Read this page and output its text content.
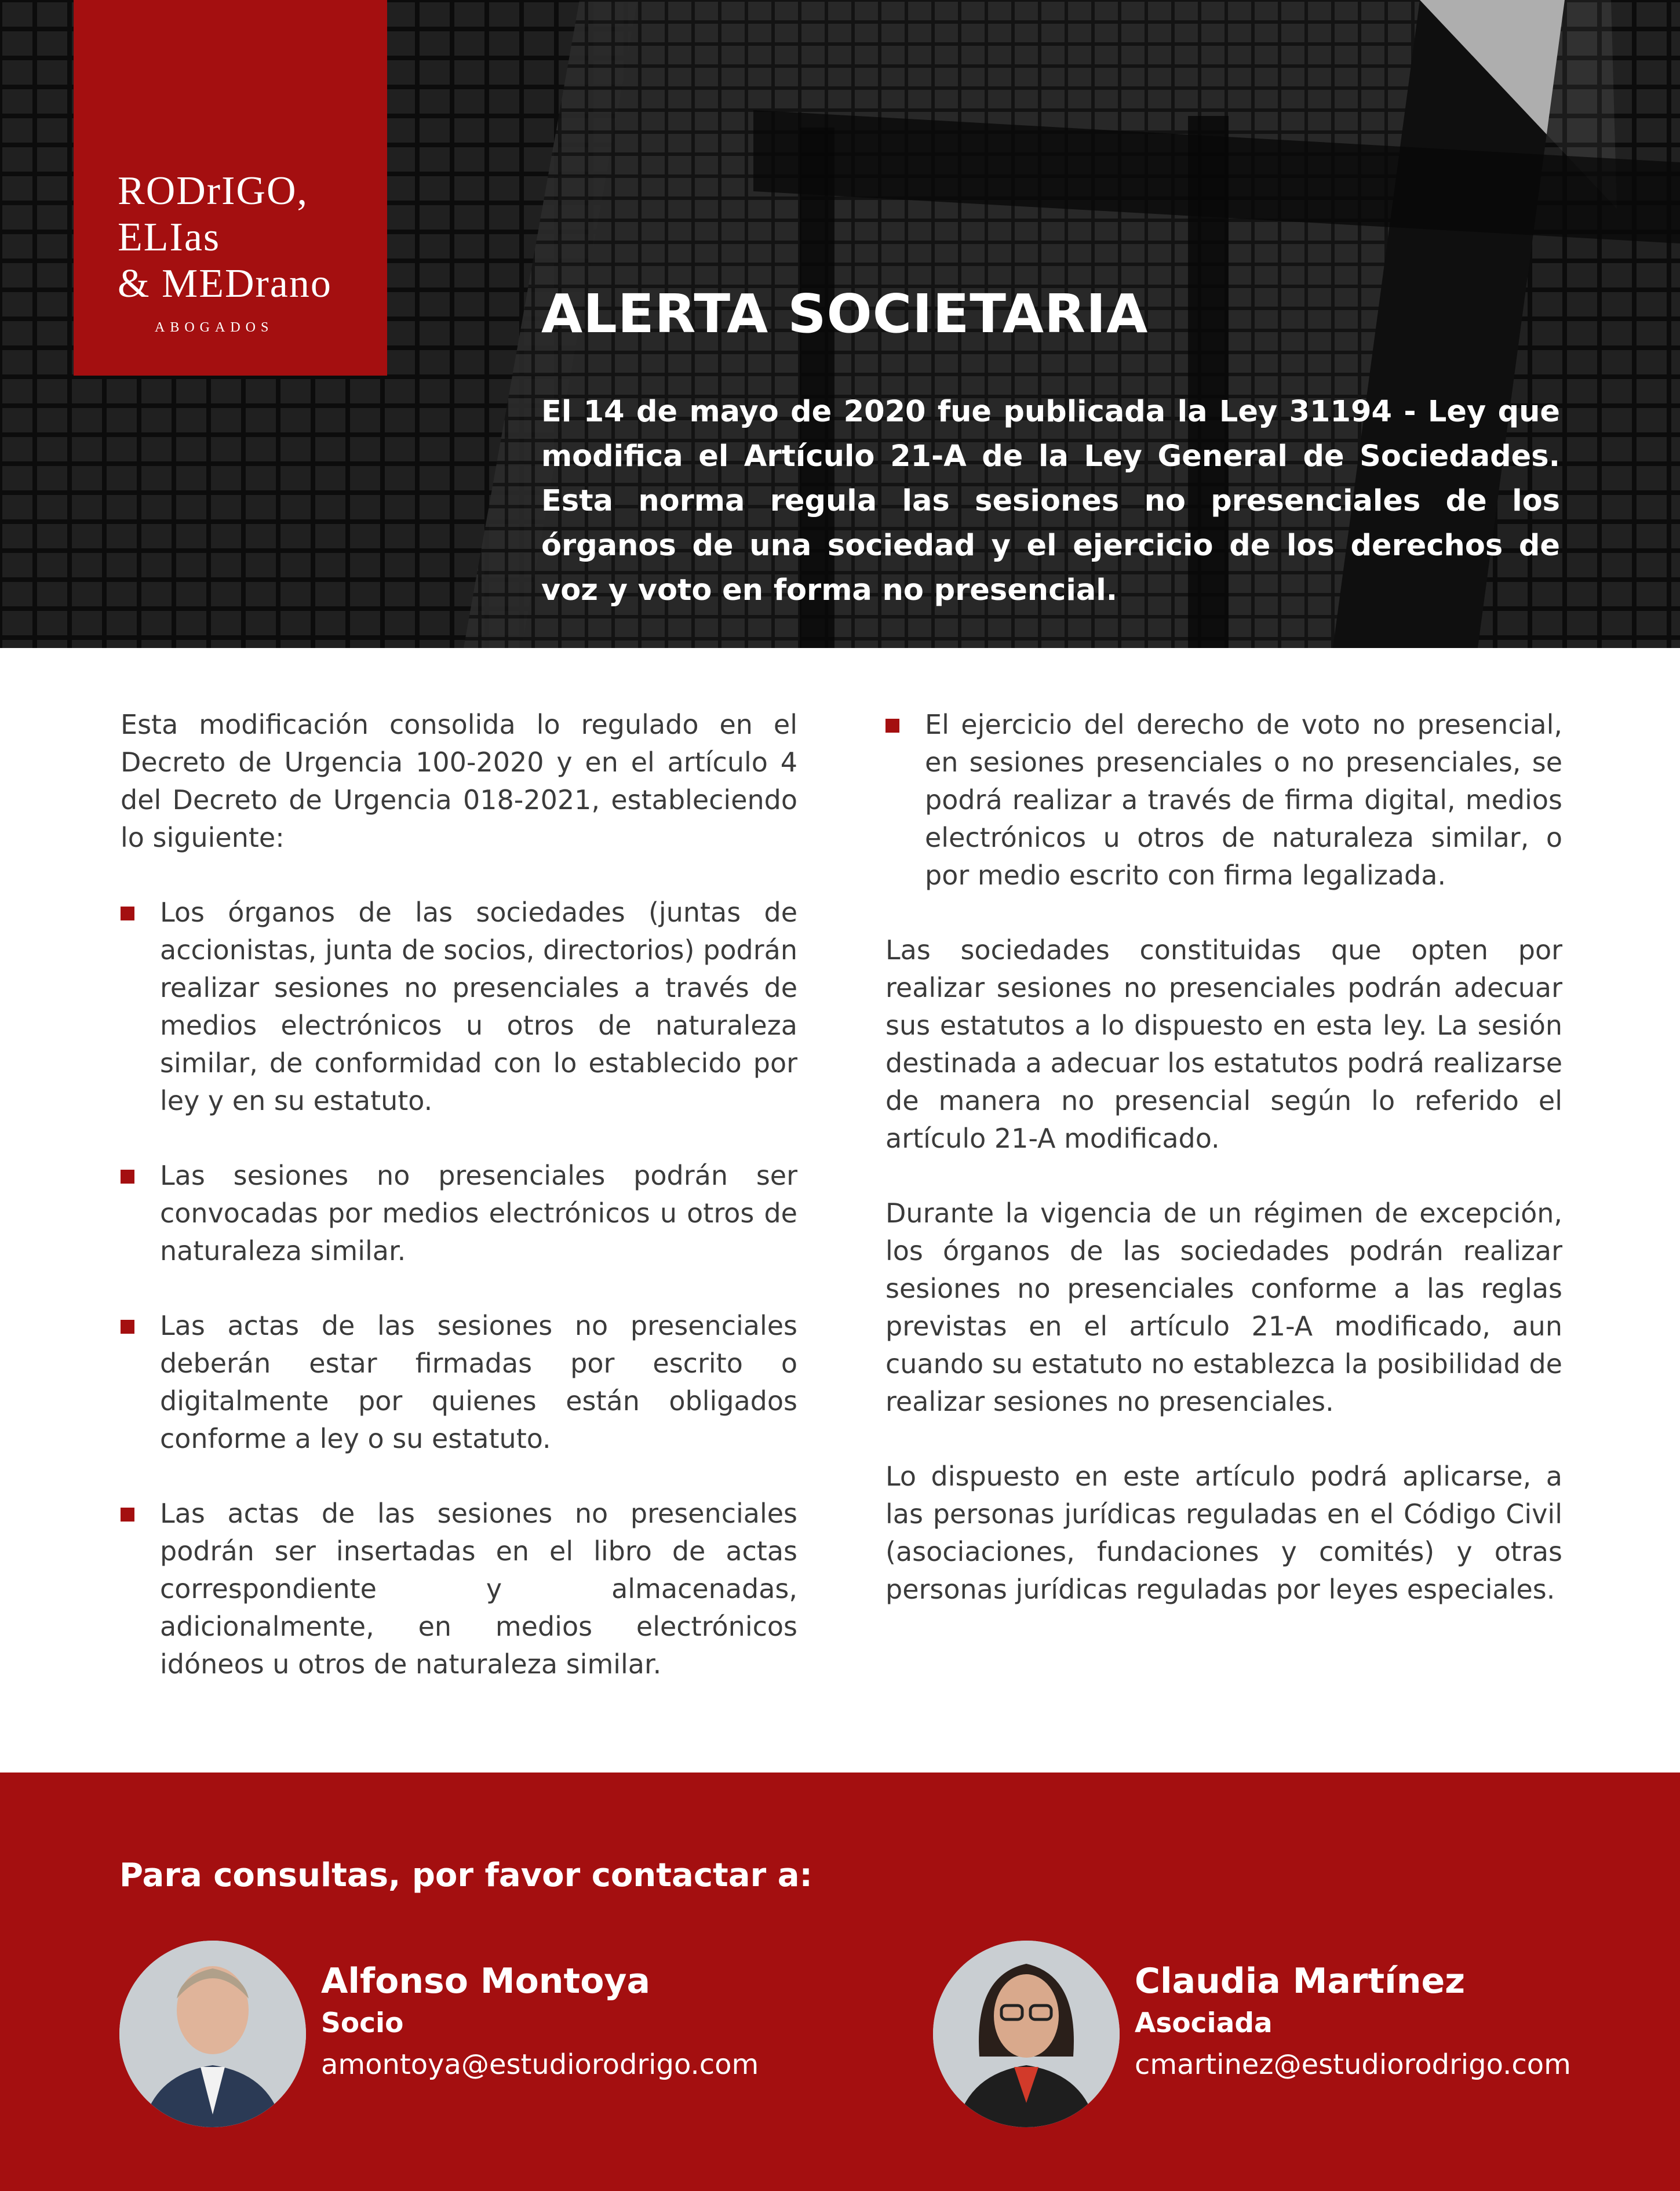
RODrIGO,
ELIas
& MEDrano
ABOGADOS	ALERTA SOCIETARIA

El 14 de mayo de 2020 fue publicada la Ley 31194 - Ley que modifica el Artículo 21-A de la Ley General de Sociedades. Esta norma regula las sesiones no presenciales de los órganos de una sociedad y el ejercicio de los derechos de voz y voto en forma no presencial.

Esta modificación consolida lo regulado en el Decreto de Urgencia 100-2020 y en el artículo 4 del Decreto de Urgencia 018-2021, estableciendo lo siguiente:

Los órganos de las sociedades (juntas de accionistas, junta de socios, directorios) podrán realizar sesiones no presenciales a través de medios electrónicos u otros de naturaleza similar, de conformidad con lo establecido por ley y en su estatuto.
Las sesiones no presenciales podrán ser convocadas por medios electrónicos u otros de naturaleza similar.
Las actas de las sesiones no presenciales deberán estar firmadas por escrito o digitalmente por quienes están obligados conforme a ley o su estatuto.
Las actas de las sesiones no presenciales podrán ser insertadas en el libro de actas correspondiente y almacenadas, adicionalmente, en medios electrónicos idóneos u otros de naturaleza similar.
El ejercicio del derecho de voto no presencial, en sesiones presenciales o no presenciales, se podrá realizar a través de firma digital, medios electrónicos u otros de naturaleza similar, o por medio escrito con firma legalizada.

Las sociedades constituidas que opten por realizar sesiones no presenciales podrán adecuar sus estatutos a lo dispuesto en esta ley. La sesión destinada a adecuar los estatutos podrá realizarse de manera no presencial según lo referido el artículo 21-A modificado.

Durante la vigencia de un régimen de excepción, los órganos de las sociedades podrán realizar sesiones no presenciales conforme a las reglas previstas en el artículo 21-A modificado, aun cuando su estatuto no establezca la posibilidad de realizar sesiones no presenciales.

Lo dispuesto en este artículo podrá aplicarse, a las personas jurídicas reguladas en el Código Civil (asociaciones, fundaciones y comités) y otras personas jurídicas reguladas por leyes especiales.

Para consultas, por favor contactar a:
Alfonso Montoya
Socio
amontoya@estudiorodrigo.com
Claudia Martínez
Asociada
cmartinez@estudiorodrigo.com
